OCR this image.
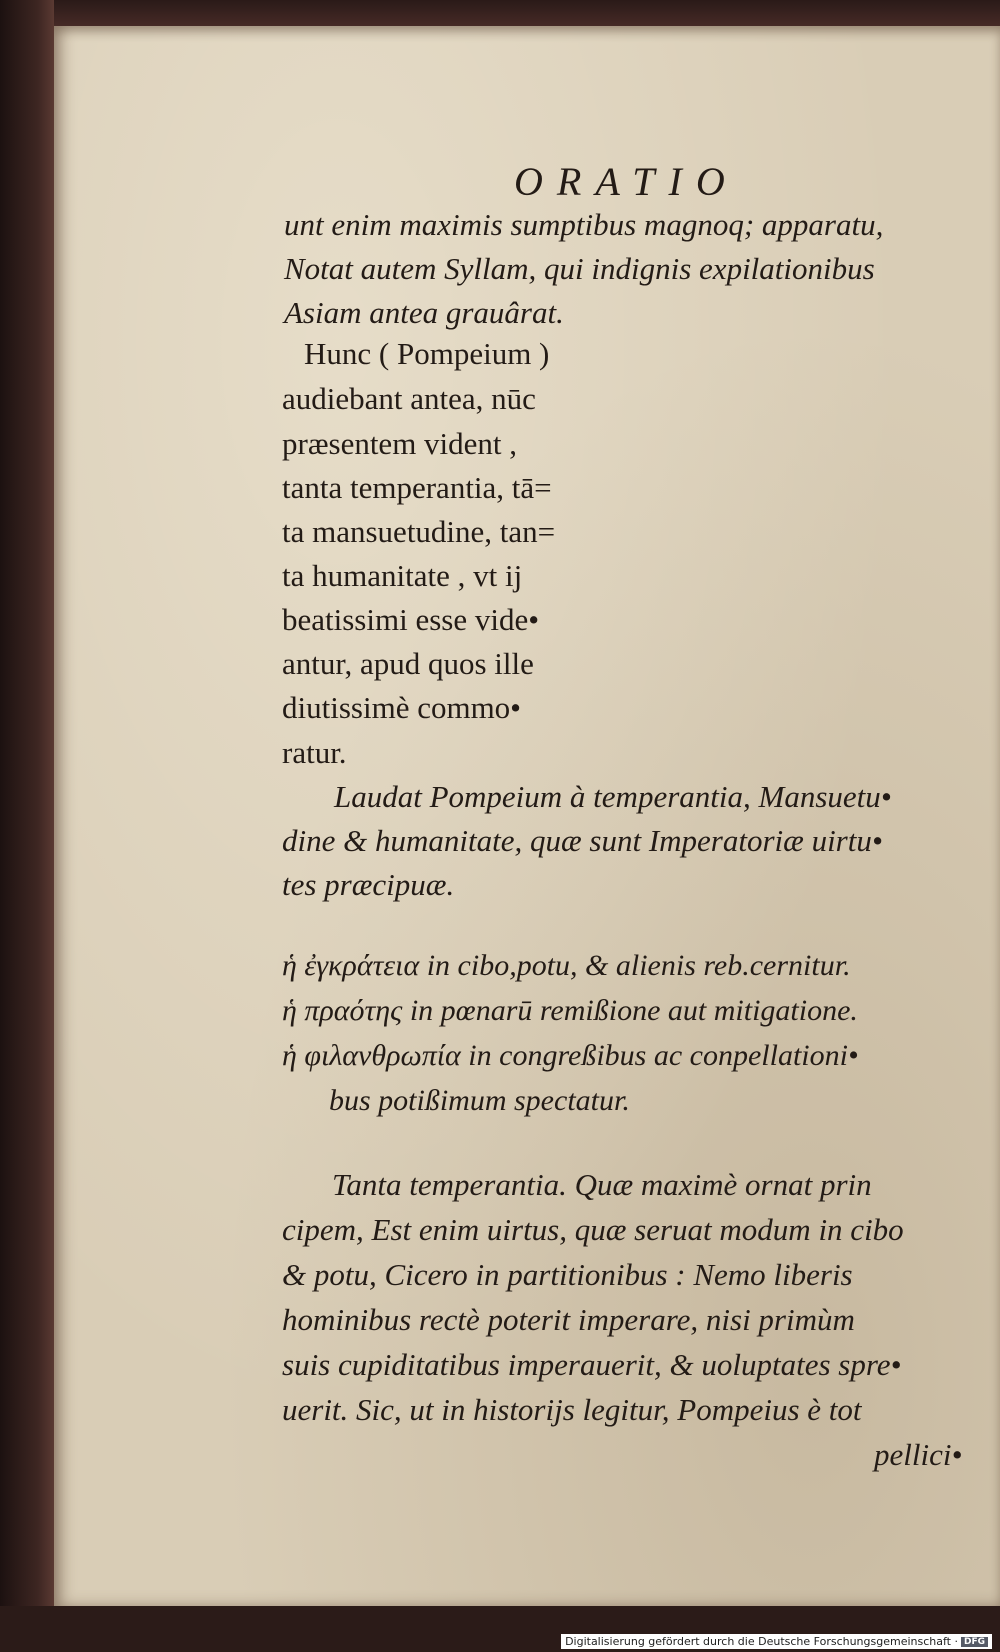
ORATIO
unt enim maximis sumptibus magnoq; apparatu,
Notat autem Syllam, qui indignis expilationibus
Asiam antea grauârat.
Hunc ( Pompeium )
audiebant antea, nūc
præsentem vident ,
tanta temperantia, tā=
ta mansuetudine, tan=
ta humanitate , vt ij
beatissimi esse vide•
antur, apud quos ille
diutissimè commo•
ratur.
Laudat Pompeium à temperantia, Mansuetu•
dine & humanitate, quæ sunt Imperatoriæ uirtu•
tes præcipuæ.
ἡ ἐγκράτεια in cibo,potu, & alienis reb.cernitur.
ἡ πραότης in pœnarū remißione aut mitigatione.
ἡ φιλανθρωπία in congreßibus ac conpellationi•
bus potißimum spectatur.
Tanta temperantia. Quæ maximè ornat prin
cipem, Est enim uirtus, quæ seruat modum in cibo
& potu, Cicero in partitionibus : Nemo liberis
hominibus rectè poterit imperare, nisi primùm
suis cupiditatibus imperauerit, & uoluptates spre•
uerit. Sic, ut in historijs legitur, Pompeius è tot
pellici•
Digitalisierung gefördert durch die Deutsche Forschungsgemeinschaft · DFG
